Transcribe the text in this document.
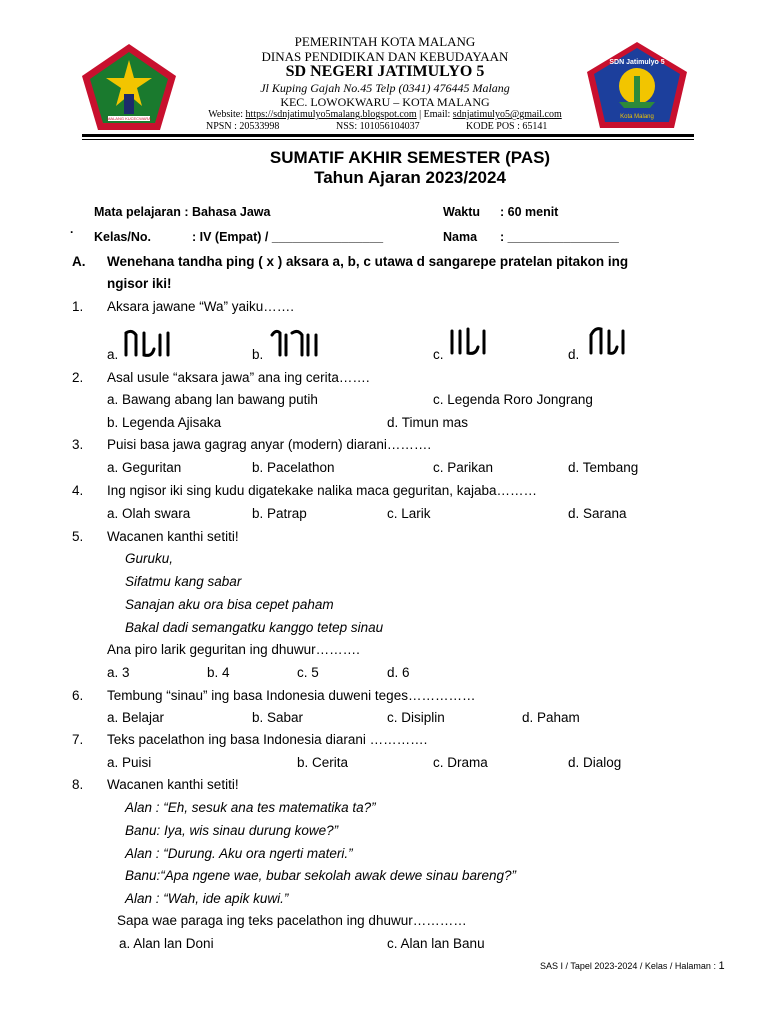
MALANG KUCECWARA
SDN Jatimulyo 5
Kota Malang
PEMERINTAH KOTA MALANG
DINAS PENDIDIKAN DAN KEBUDAYAAN
SD NEGERI JATIMULYO 5
Jl Kuping Gajah No.45 Telp (0341) 476445 Malang
KEC. LOWOKWARU – KOTA MALANG
Website: https://sdnjatimulyo5malang.blogspot.com | Email: sdnjatimulyo5@gmail.com
NPSN : 20533998	NSS: 101056104037	KODE POS : 65141
SUMATIF AKHIR SEMESTER (PAS)
Tahun Ajaran 2023/2024
Mata pelajaran : Bahasa Jawa	Waktu : 60 menit
· Kelas/No.	: IV (Empat) / ________________	Nama : ________________
A. Wenehana tandha ping ( x ) aksara a, b, c utawa d sangarepe pratelan pitakon ing
ngisor iki!
1. Aksara jawane “Wa” yaiku…….
a.	b.	c.	d.
2. Asal usule “aksara jawa” ana ing cerita…….
a. Bawang abang lan bawang putih	c. Legenda Roro Jongrang
b. Legenda Ajisaka	d. Timun mas
3. Puisi basa jawa gagrag anyar (modern) diarani……….
a. Geguritan	b. Pacelathon	c. Parikan	d. Tembang
4. Ing ngisor iki sing kudu digatekake nalika maca geguritan, kajaba………
a. Olah swara	b. Patrap	c. Larik	d. Sarana
5. Wacanen kanthi setiti!
Guruku,
Sifatmu kang sabar
Sanajan aku ora bisa cepet paham
Bakal dadi semangatku kanggo tetep sinau
Ana piro larik geguritan ing dhuwur……….
a. 3	b. 4	c. 5	d. 6
6. Tembung “sinau” ing basa Indonesia duweni teges……………
a. Belajar	b. Sabar	c. Disiplin	d. Paham
7. Teks pacelathon ing basa Indonesia diarani ………….
a. Puisi	b. Cerita	c. Drama	d. Dialog
8. Wacanen kanthi setiti!
Alan : “Eh, sesuk ana tes matematika ta?”
Banu: Iya, wis sinau durung kowe?”
Alan : “Durung. Aku ora ngerti materi.”
Banu:“Apa ngene wae, bubar sekolah awak dewe sinau bareng?”
Alan : “Wah, ide apik kuwi.”
Sapa wae paraga ing teks pacelathon ing dhuwur…………
a. Alan lan Doni	c. Alan lan Banu
SAS I / Tapel 2023-2024 / Kelas / Halaman : 1
